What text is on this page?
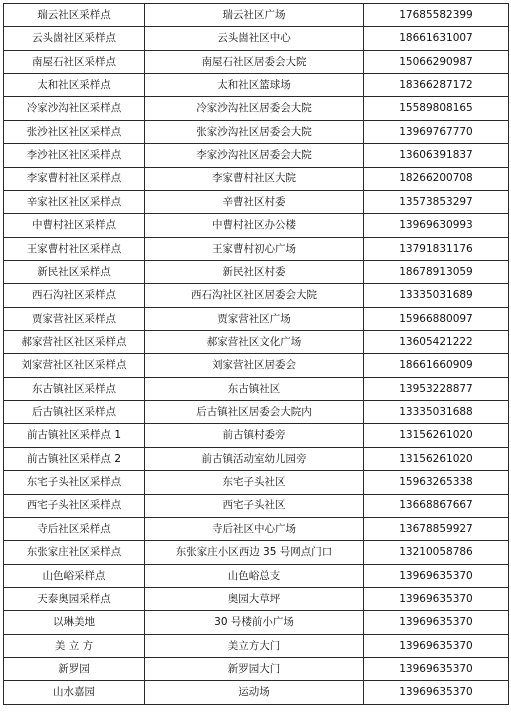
瑞云社区采样点	瑞云社区广场	17685582399
云头崮社区采样点	云头崮社区中心	18661631007
南屋石社区采样点	南屋石社区居委会大院	15066290987
太和社区采样点	太和社区篮球场	18366287172
冷家沙沟社区采样点	冷家沙沟社区居委会大院	15589808165
张沙社区社区采样点	张家沙沟社区居委会大院	13969767770
李沙社区社区采样点	李家沙沟社区居委会大院	13606391837
李家曹村社区采样点	李家曹村社区大院	18266200708
辛家社区社区采样点	辛曹社区村委	13573853297
中曹村社区采样点	中曹村社区办公楼	13969630993
王家曹村社区采样点	王家曹村初心广场	13791831176
新民社区采样点	新民社区村委	18678913059
西石沟社区采样点	西石沟社区社区居委会大院	13335031689
贾家营社区采样点	贾家营社区广场	15966880097
郝家营社区社区采样点	郝家营社区文化广场	13605421222
刘家营社区社区采样点	刘家营社区居委会	18661660909
东古镇社区采样点	东古镇社区	13953228877
后古镇社区采样点	后古镇社区居委会大院内	13335031688
前古镇社区采样点 1	前古镇村委旁	13156261020
前古镇社区采样点 2	前古镇活动室幼儿园旁	13156261020
东宅子头社区采样点	东宅子头社区	15963265338
西宅子头社区采样点	西宅子头社区	13668867667
寺后社区采样点	寺后社区中心广场	13678859927
东张家庄社区采样点	东张家庄小区西边 35 号网点门口	13210058786
山色峪采样点	山色峪总支	13969635370
天泰奥园采样点	奥园大草坪	13969635370
以琳美地	30 号楼前小广场	13969635370
美 立 方	美立方大门	13969635370
新罗园	新罗园大门	13969635370
山水嘉园	运动场	13969635370
